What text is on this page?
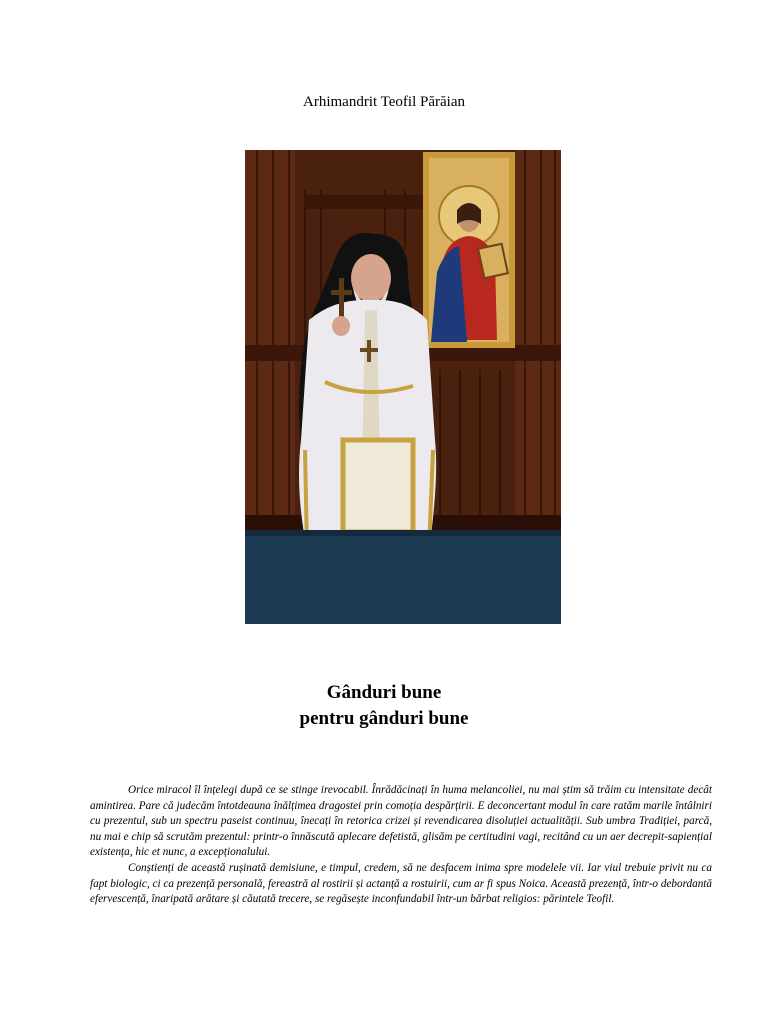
Arhimandrit Teofil Părăian
Gânduri bune
pentru gânduri bune

Orice miracol îl înțelegi după ce se stinge irevocabil. Înrădăcinați în huma melancoliei, nu mai știm să trăim cu intensitate decât amintirea. Pare că judecăm întotdeauna înălțimea dragostei prin comoția despărțirii. E deconcertant modul în care ratăm marile întâlniri cu prezentul, sub un spectru paseist continuu, înecați în retorica crizei și revendicarea disoluției actualității. Sub umbra Tradiției, parcă, nu mai e chip să scrutăm prezentul: printr-o înnăscută aplecare defetistă, glisăm pe certitudini vagi, recitând cu un aer decrepit-sapiențial existența, hic et nunc, a excepționalului.

Conștienți de această rușinată demisiune, e timpul, credem, să ne desfacem inima spre modelele vii. Iar viul trebuie privit nu ca fapt biologic, ci ca prezență personală, fereastră al rostirii și actanță a rostuirii, cum ar fi spus Noica. Această prezență, într-o debordantă efervescență, înaripată arătare și căutată trecere, se regăsește inconfundabil într-un bărbat religios: părintele Teofil.
